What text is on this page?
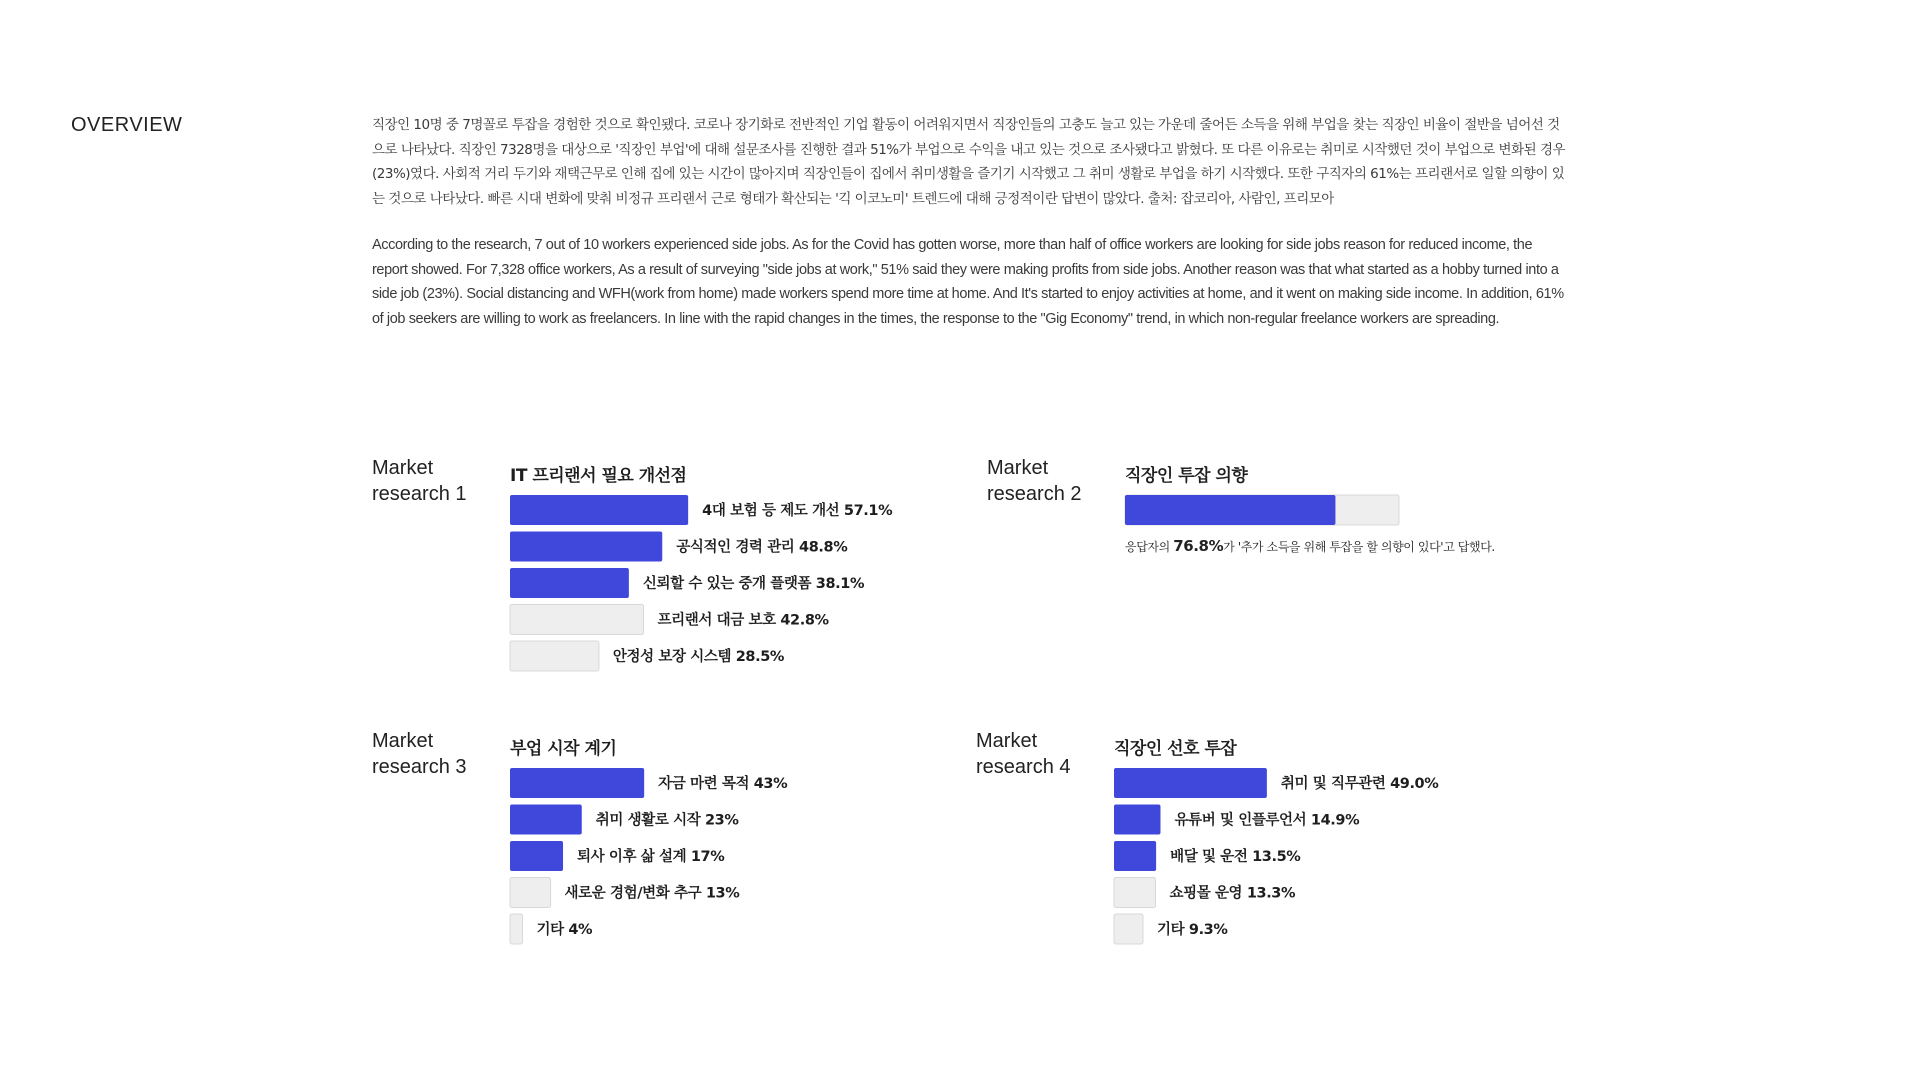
OVERVIEW	직장인 10명 중 7명꼴로 투잡을 경험한 것으로 확인됐다. 코로나 장기화로 전반적인 기업 활동이 어려워지면서 직장인들의 고충도 늘고 있는 가운데 줄어든 소득을 위해 부업을 찾는 직장인 비율이 절반을 넘어선 것으로 나타났다. 직장인 7328명을 대상으로 '직장인 부업'에 대해 설문조사를 진행한 결과 51%가 부업으로 수익을 내고 있는 것으로 조사됐다고 밝혔다. 또 다른 이유로는 취미로 시작했던 것이 부업으로 변화된 경우(23%)였다. 사회적 거리 두기와 재택근무로 인해 집에 있는 시간이 많아지며 직장인들이 집에서 취미생활을 즐기기 시작했고 그 취미 생활로 부업을 하기 시작했다. 또한 구직자의 61%는 프리랜서로 일할 의향이 있는 것으로 나타났다. 빠른 시대 변화에 맞춰 비정규 프리랜서 근로 형태가 확산되는 '긱 이코노미' 트렌드에 대해 긍정적이란 답변이 많았다. 출처: 잡코리아, 사람인, 프리모아

According to the research, 7 out of 10 workers experienced side jobs. As for the Covid has gotten worse, more than half of office workers are looking for side jobs reason for reduced income, the report showed. For 7,328 office workers, As a result of surveying "side jobs at work," 51% said they were making profits from side jobs. Another reason was that what started as a hobby turned into a side job (23%). Social distancing and WFH(work from home) made workers spend more time at home. And It's started to enjoy activities at home, and it went on making side income. In addition, 61% of job seekers are willing to work as freelancers. In line with the rapid changes in the times, the response to the "Gig Economy" trend, in which non-regular freelance workers are spreading.

Market research 1
IT 프리랜서 필요 개선점
4대 보험 등 제도 개선 57.1%
공식적인 경력 관리 48.8%
신뢰할 수 있는 중개 플랫폼 38.1%
프리랜서 대금 보호 42.8%
안정성 보장 시스템 28.5%
Market research 2
직장인 투잡 의향
응답자의 76.8%가 '추가 소득을 위해 투잡을 할 의향이 있다'고 답했다.
Market research 3
부업 시작 계기
자금 마련 목적 43%
취미 생활로 시작 23%
퇴사 이후 삶 설계 17%
새로운 경험/변화 추구 13%
기타 4%
Market research 4
직장인 선호 투잡
취미 및 직무관련 49.0%
유튜버 및 인플루언서 14.9%
배달 및 운전 13.5%
쇼핑몰 운영 13.3%
기타 9.3%
